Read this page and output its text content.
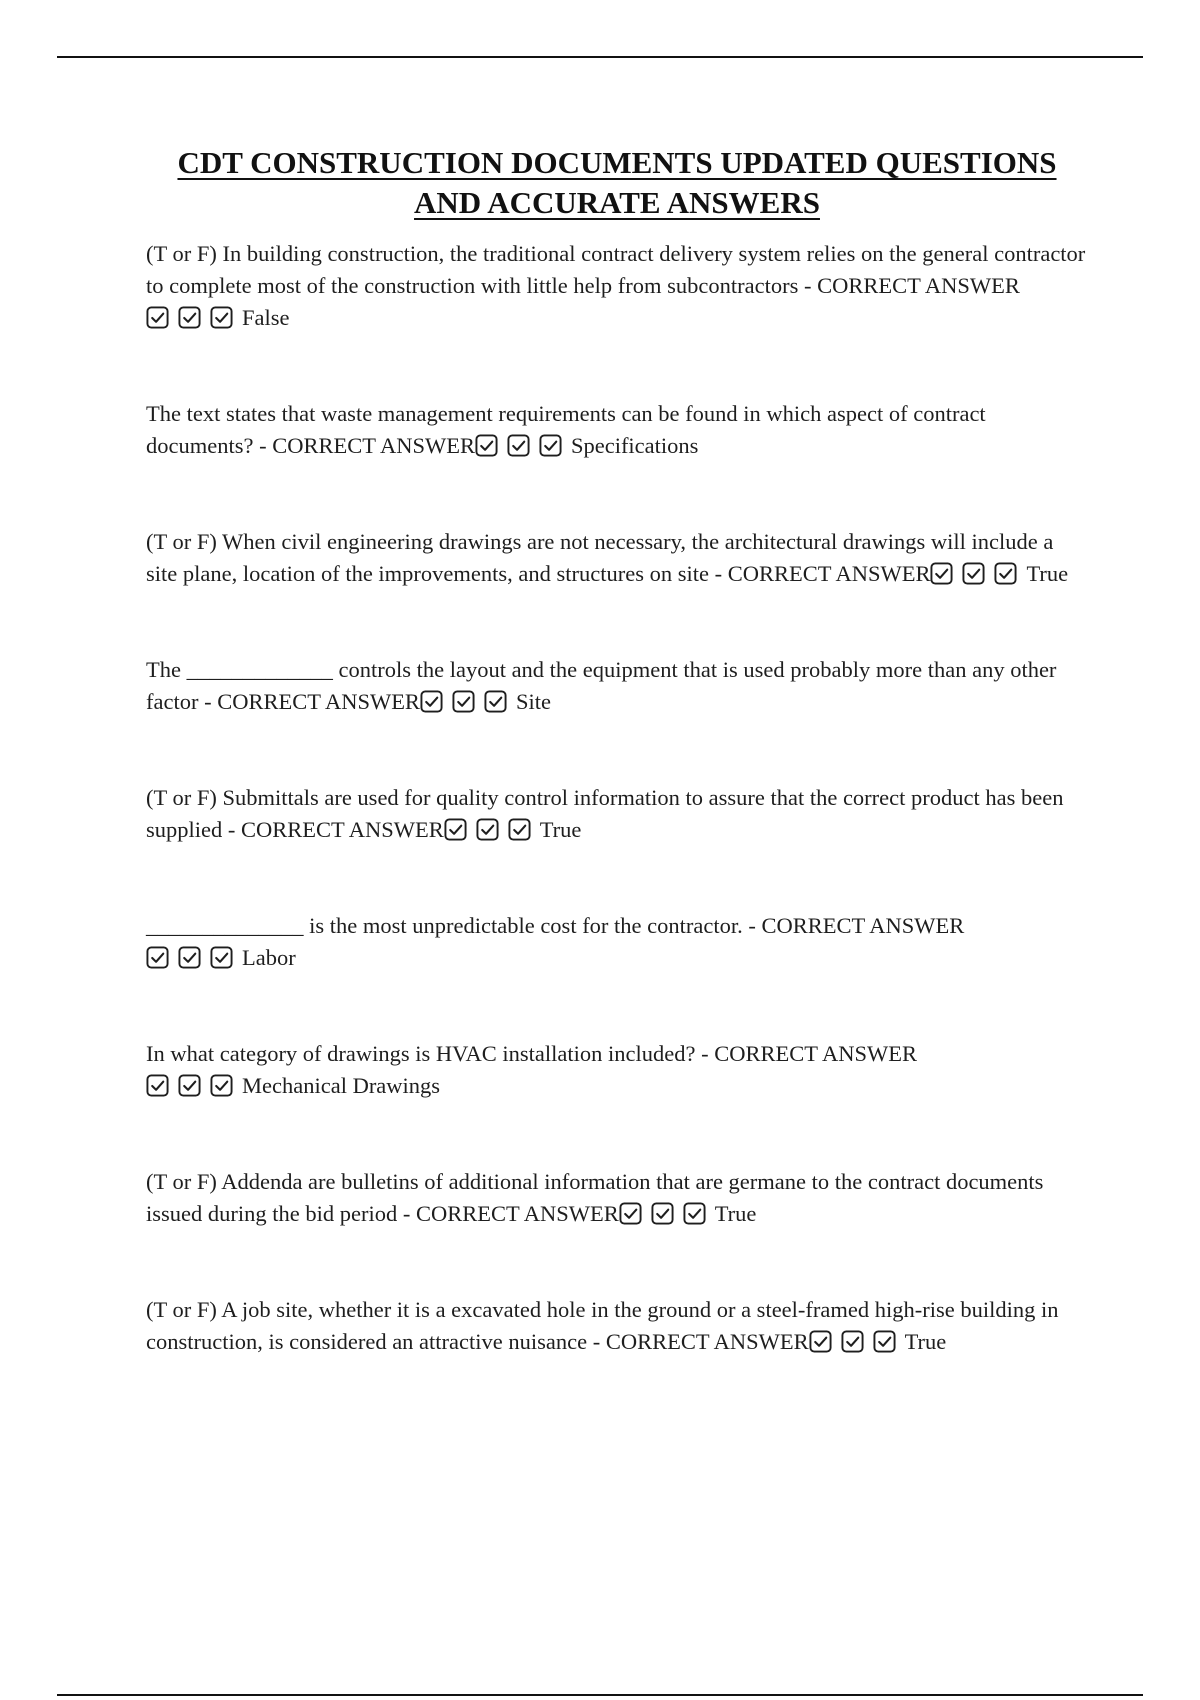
CDT CONSTRUCTION DOCUMENTS UPDATED QUESTIONS
AND ACCURATE ANSWERS

(T or F) In building construction, the traditional contract delivery system relies on the general contractor to complete most of the construction with little help from subcontractors - CORRECT ANSWER
False

The text states that waste management requirements can be found in which aspect of contract documents? - CORRECT ANSWER	Specifications

(T or F) When civil engineering drawings are not necessary, the architectural drawings will include a site plane, location of the improvements, and structures on site - CORRECT ANSWER	True

The _____________ controls the layout and the equipment that is used probably more than any other factor - CORRECT ANSWER	Site

(T or F) Submittals are used for quality control information to assure that the correct product has been supplied - CORRECT ANSWER	True

______________ is the most unpredictable cost for the contractor. - CORRECT ANSWER
Labor

In what category of drawings is HVAC installation included? - CORRECT ANSWER
Mechanical Drawings

(T or F) Addenda are bulletins of additional information that are germane to the contract documents issued during the bid period - CORRECT ANSWER	True

(T or F) A job site, whether it is a excavated hole in the ground or a steel-framed high-rise building in construction, is considered an attractive nuisance - CORRECT ANSWER	True
